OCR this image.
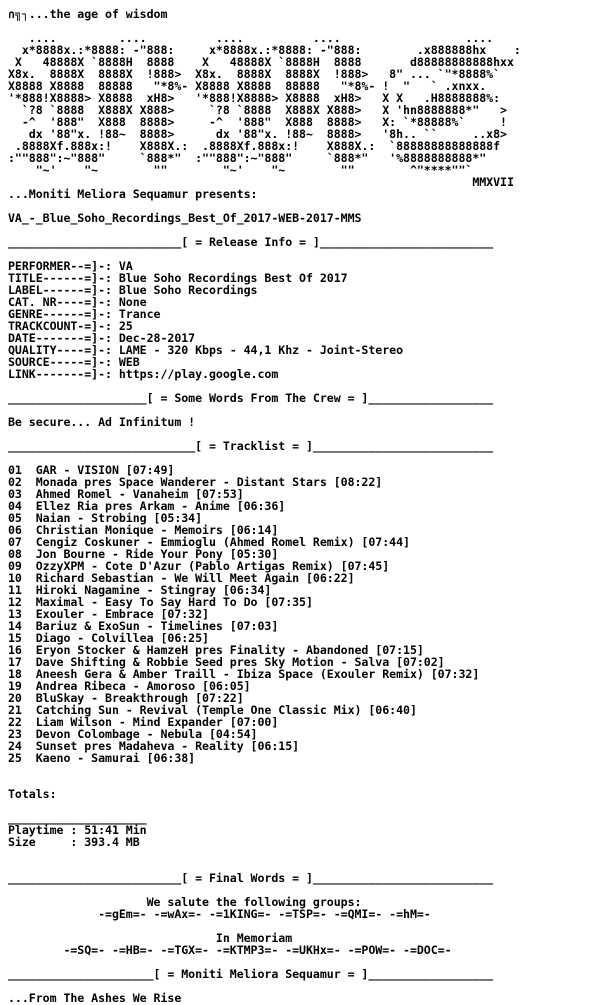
∩╗┐...the age of wisdom

....         ....          ....          ....                  ....
x*8888x.:*8888: -"888:     x*8888x.:*8888: -"888:        .x888888hx    :
X   48888X `8888H  8888    X   48888X `8888H  8888       d88888888888hxx
X8x.  8888X  8888X  !888>  X8x.  8888X  8888X  !888>   8" ... `"*8888%`
X8888 X8888  88888   "*8%- X8888 X8888  88888   "*8%- !  "   ` .xnxx.
'*888!X8888> X8888  xH8>   '*888!X8888> X8888  xH8>   X X   .H8888888%:
`?8 `8888  X888X X888>     `?8 `8888  X888X X888>   X 'hn8888888*"   >
-^  '888"  X888  8888>     -^  '888"  X888  8888>   X: `*88888%`     !
dx '88"x. !88~  8888>      dx '88"x. !88~  8888>   '8h.. ``     ..x8>
.8888Xf.888x:!    X888X.:  .8888Xf.888x:!    X888X.:  `88888888888888f
:""888":~"888"     `888*"  :""888":~"888"     `888*"   '%8888888888*"
"~'    "~        ""        "~'    "~        ""        ^"****""`
MMXVII
...Moniti Meliora Sequamur presents:

VA_-_Blue_Soho_Recordings_Best_Of_2017-WEB-2017-MMS

_________________________[ = Release Info = ]_________________________

PERFORMER--=]-: VA
TITLE------=]-: Blue Soho Recordings Best Of 2017
LABEL------=]-: Blue Soho Recordings
CAT. NR----=]-: None
GENRE------=]-: Trance
TRACKCOUNT-=]-: 25
DATE-------=]-: Dec-28-2017
QUALITY----=]-: LAME - 320 Kbps - 44,1 Khz - Joint-Stereo
SOURCE-----=]-: WEB
LINK-------=]-: https://play.google.com

____________________[ = Some Words From The Crew = ]__________________

Be secure... Ad Infinitum !

___________________________[ = Tracklist = ]__________________________

01  GAR - VISION [07:49]
02  Monada pres Space Wanderer - Distant Stars [08:22]
03  Ahmed Romel - Vanaheim [07:53]
04  Ellez Ria pres Arkam - Anime [06:36]
05  Naian - Strobing [05:34]
06  Christian Monique - Memoirs [06:14]
07  Cengiz Coskuner - Emmioglu (Ahmed Romel Remix) [07:44]
08  Jon Bourne - Ride Your Pony [05:30]
09  OzzyXPM - Cote D'Azur (Pablo Artigas Remix) [07:45]
10  Richard Sebastian - We Will Meet Again [06:22]
11  Hiroki Nagamine - Stingray [06:34]
12  Maximal - Easy To Say Hard To Do [07:35]
13  Exouler - Embrace [07:32]
14  Bariuz & ExoSun - Timelines [07:03]
15  Diago - Colvillea [06:25]
16  Eryon Stocker & HamzeH pres Finality - Abandoned [07:15]
17  Dave Shifting & Robbie Seed pres Sky Motion - Salva [07:02]
18  Aneesh Gera & Amber Traill - Ibiza Space (Exouler Remix) [07:32]
19  Andrea Ribeca - Amoroso [06:05]
20  BluSkay - Breakthrough [07:22]
21  Catching Sun - Revival (Temple One Classic Mix) [06:40]
22  Liam Wilson - Mind Expander [07:00]
23  Devon Colombage - Nebula [04:54]
24  Sunset pres Madaheva - Reality [06:15]
25  Kaeno - Samurai [06:38]

Totals:

____________________
Playtime : 51:41 Min
Size     : 393.4 MB

_________________________[ = Final Words = ]__________________________

We salute the following groups:
-=gEm=- -=wAx=- -=1KING=- -=TSP=- -=QMI=- -=hM=-

In Memoriam
-=SQ=- -=HB=- -=TGX=- -=KTMP3=- -=UKHx=- -=POW=- -=DOC=-

_____________________[ = Moniti Meliora Sequamur = ]__________________

...From The Ashes We Rise
